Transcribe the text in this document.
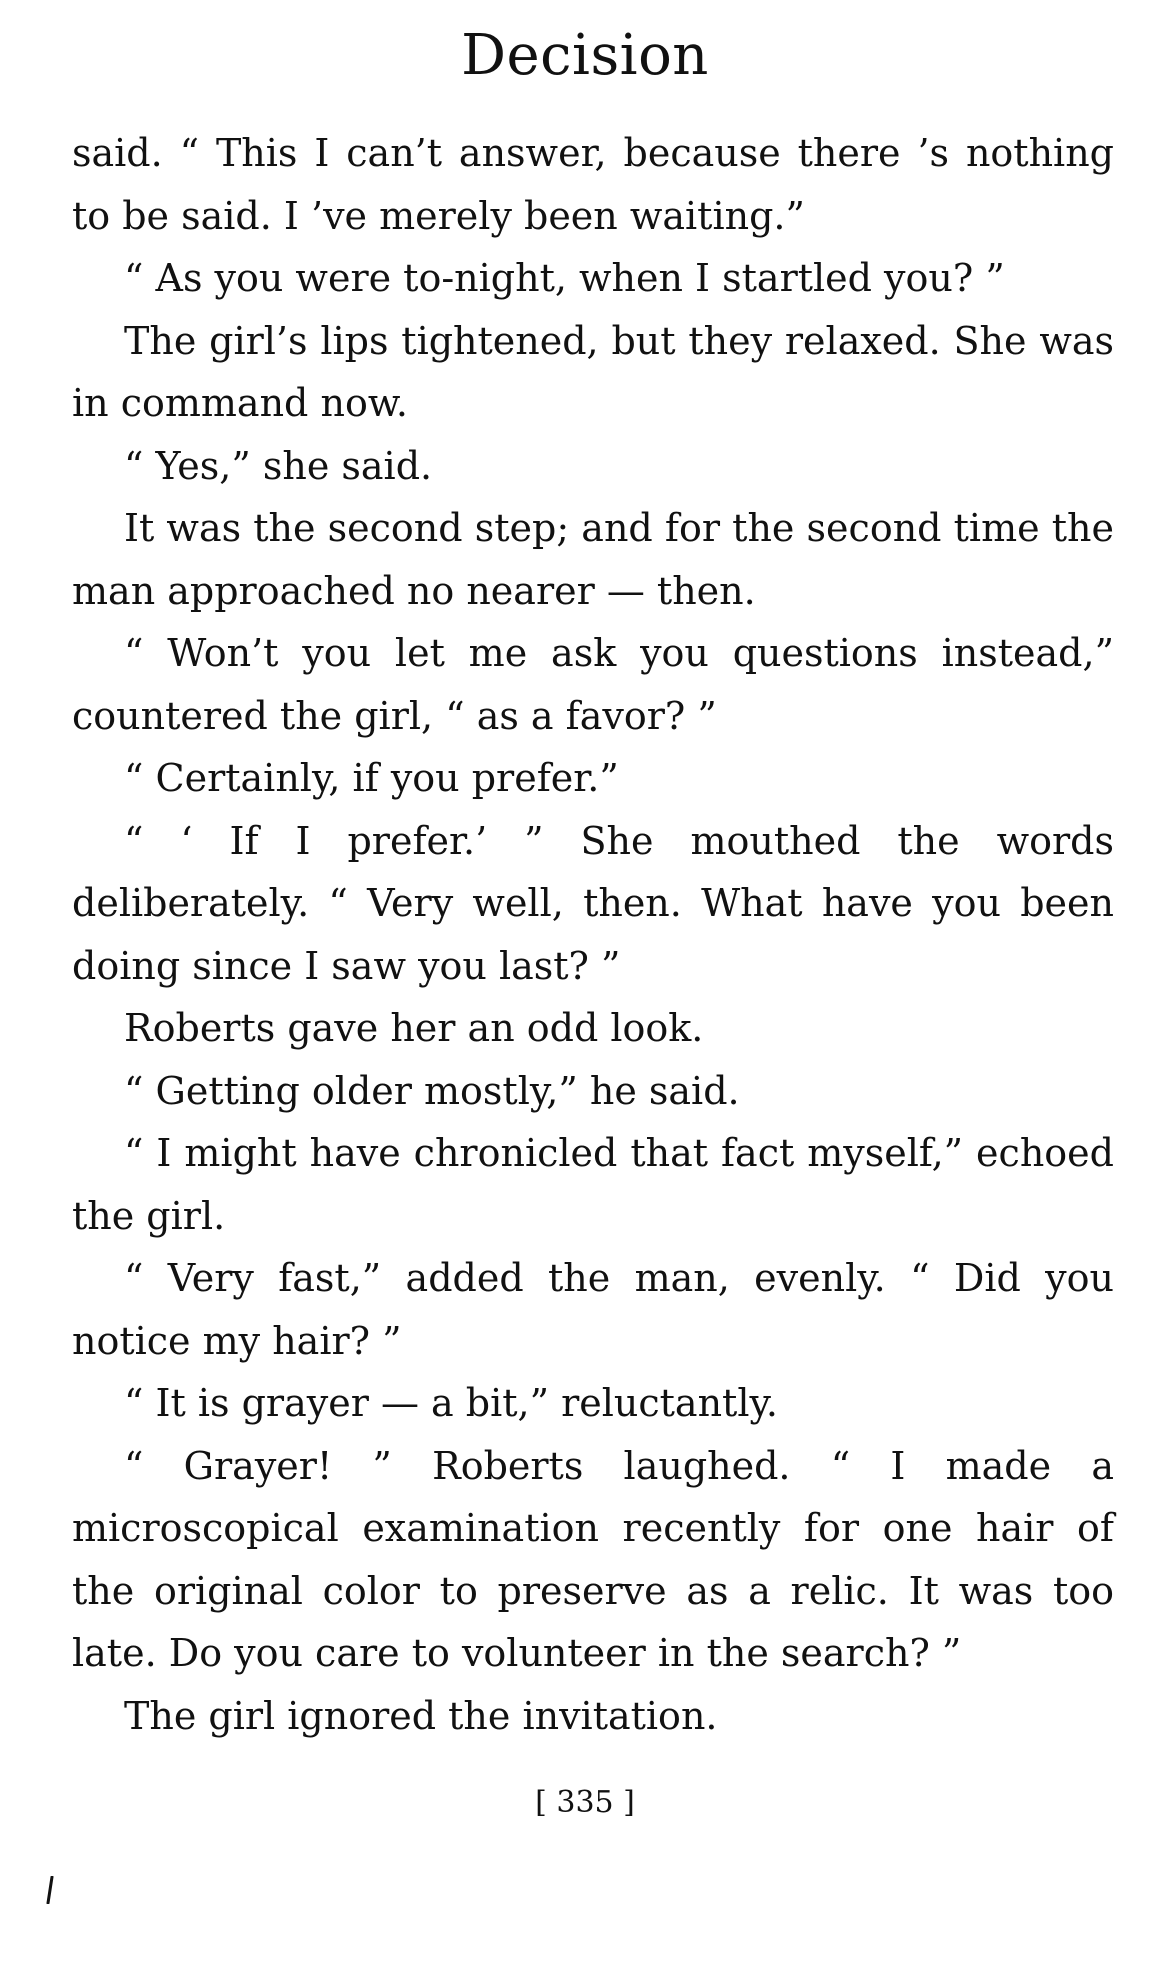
Decision

said. “ This I can’t answer, because there ’s nothing to be said. I ’ve merely been waiting.”

“ As you were to-night, when I startled you? ”

The girl’s lips tightened, but they relaxed. She was in command now.

“ Yes,” she said.

It was the second step; and for the second time the man approached no nearer — then.

“ Won’t you let me ask you questions instead,” countered the girl, “ as a favor? ”

“ Certainly, if you prefer.”

“ ‘ If I prefer.’ ” She mouthed the words deliberately. “ Very well, then. What have you been doing since I saw you last? ”

Roberts gave her an odd look.

“ Getting older mostly,” he said.

“ I might have chronicled that fact myself,” echoed the girl.

“ Very fast,” added the man, evenly. “ Did you notice my hair? ”

“ It is grayer — a bit,” reluctantly.

“ Grayer! ” Roberts laughed. “ I made a microscopical examination recently for one hair of the original color to preserve as a relic. It was too late. Do you care to volunteer in the search? ”

The girl ignored the invitation.

[ 335 ]
